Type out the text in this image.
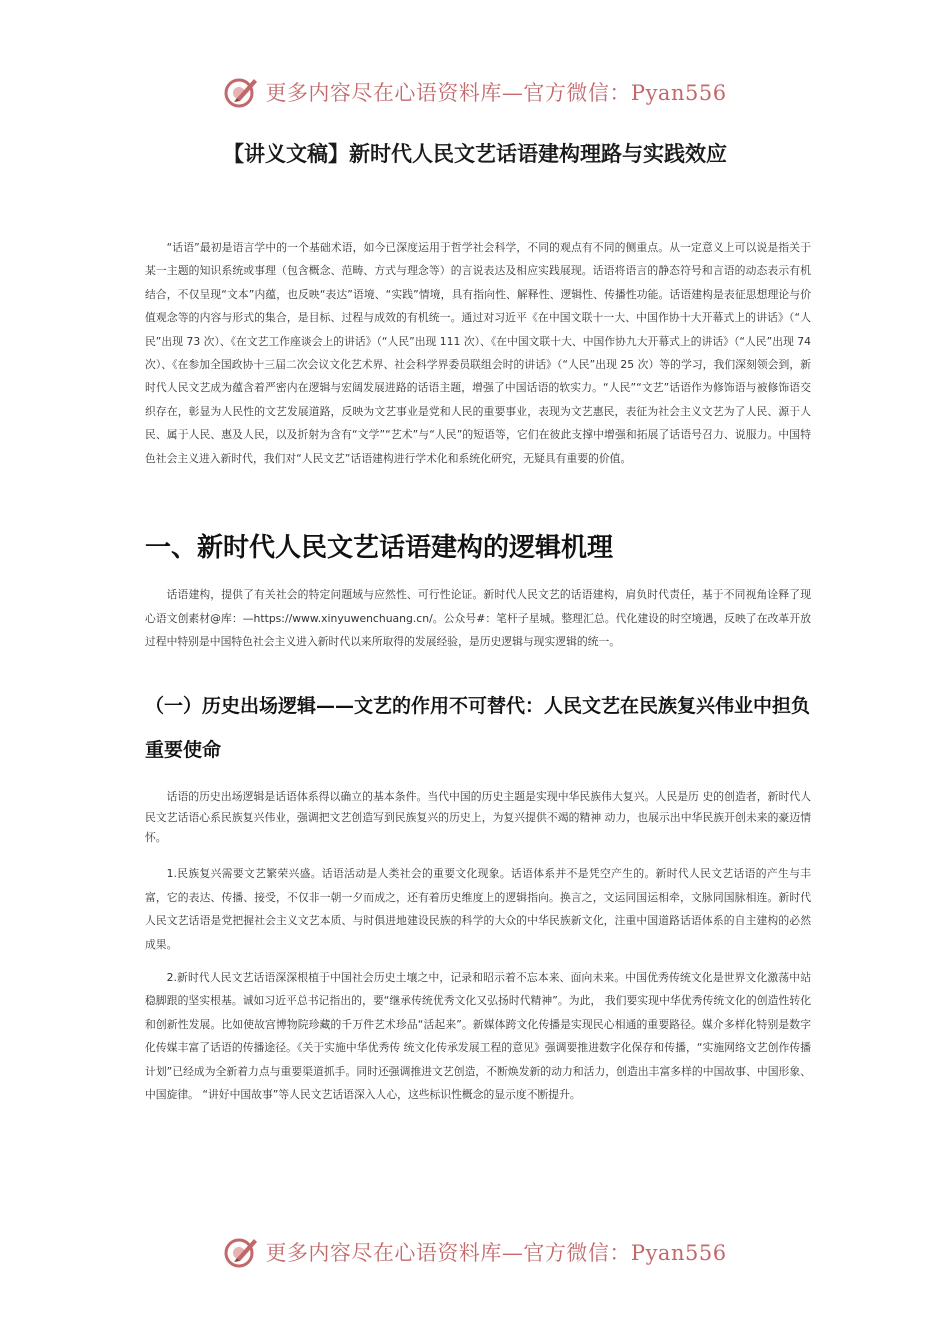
更多内容尽在心语资料库—官方微信：Pyan556
【讲义文稿】新时代人民文艺话语建构理路与实践效应

“话语”最初是语言学中的一个基础术语，如今已深度运用于哲学社会科学，不同的观点有不同的侧重点。从一定意义上可以说是指关于某一主题的知识系统或事理（包含概念、范畴、方式与理念等）的言说表达及相应实践展现。话语将语言的静态符号和言语的动态表示有机结合，不仅呈现“文本”内蕴，也反映“表达”语境、“实践”情境，具有指向性、解释性、逻辑性、传播性功能。话语建构是表征思想理论与价值观念等的内容与形式的集合，是目标、过程与成效的有机统一。通过对习近平《在中国文联十一大、中国作协十大开幕式上的讲话》（“人民”出现 73 次）、《在文艺工作座谈会上的讲话》（“人民”出现 111 次）、《在中国文联十大、中国作协九大开幕式上的讲话》（“人民”出现 74 次）、《在参加全国政协十三届二次会议文化艺术界、社会科学界委员联组会时的讲话》（“人民”出现 25 次）等的学习，我们深刻领会到，新时代人民文艺成为蕴含着严密内在逻辑与宏阔发展进路的话语主题，增强了中国话语的软实力。“人民”“文艺”话语作为修饰语与被修饰语交织存在，彰显为人民性的文艺发展道路，反映为文艺事业是党和人民的重要事业，表现为文艺惠民，表征为社会主义文艺为了人民、源于人民、属于人民、惠及人民，以及折射为含有“文学”“艺术”与“人民”的短语等，它们在彼此支撑中增强和拓展了话语号召力、说服力。中国特色社会主义进入新时代，我们对“人民文艺”话语建构进行学术化和系统化研究，无疑具有重要的价值。

一、新时代人民文艺话语建构的逻辑机理

话语建构，提供了有关社会的特定问题域与应然性、可行性论证。新时代人民文艺的话语建构，肩负时代责任，基于不同视角诠释了现心语文创素材@库：—https://www.xinyuwenchuang.cn/。公众号#：笔杆子星城。整理汇总。代化建设的时空境遇，反映了在改革开放过程中特别是中国特色社会主义进入新时代以来所取得的发展经验，是历史逻辑与现实逻辑的统一。

（一）历史出场逻辑——文艺的作用不可替代：人民文艺在民族复兴伟业中担负重要使命

话语的历史出场逻辑是话语体系得以确立的基本条件。当代中国的历史主题是实现中华民族伟大复兴。人民是历 史的创造者，新时代人民文艺话语心系民族复兴伟业，强调把文艺创造写到民族复兴的历史上，为复兴提供不竭的精神 动力，也展示出中华民族开创未来的豪迈情怀。

1.民族复兴需要文艺繁荣兴盛。话语活动是人类社会的重要文化现象。话语体系并不是凭空产生的。新时代人民文艺话语的产生与丰富，它的表达、传播、接受，不仅非一朝一夕而成之，还有着历史维度上的逻辑指向。换言之，文运同国运相牵，文脉同国脉相连。新时代人民文艺话语是党把握社会主义文艺本质、与时俱进地建设民族的科学的大众的中华民族新文化，注重中国道路话语体系的自主建构的必然成果。

2.新时代人民文艺话语深深根植于中国社会历史土壤之中，记录和昭示着不忘本来、面向未来。中国优秀传统文化是世界文化激荡中站稳脚跟的坚实根基。诚如习近平总书记指出的，要“继承传统优秀文化又弘扬时代精神”。为此， 我们要实现中华优秀传统文化的创造性转化和创新性发展。比如使故宫博物院珍藏的千万件艺术珍品“活起来”。新媒体跨文化传播是实现民心相通的重要路径。媒介多样化特别是数字化传媒丰富了话语的传播途径。《关于实施中华优秀传 统文化传承发展工程的意见》强调要推进数字化保存和传播，“实施网络文艺创作传播计划”已经成为全新着力点与重要渠道抓手。同时还强调推进文艺创造，不断焕发新的动力和活力，创造出丰富多样的中国故事、中国形象、中国旋律。 “讲好中国故事”等人民文艺话语深入人心，这些标识性概念的显示度不断提升。

更多内容尽在心语资料库—官方微信：Pyan556
